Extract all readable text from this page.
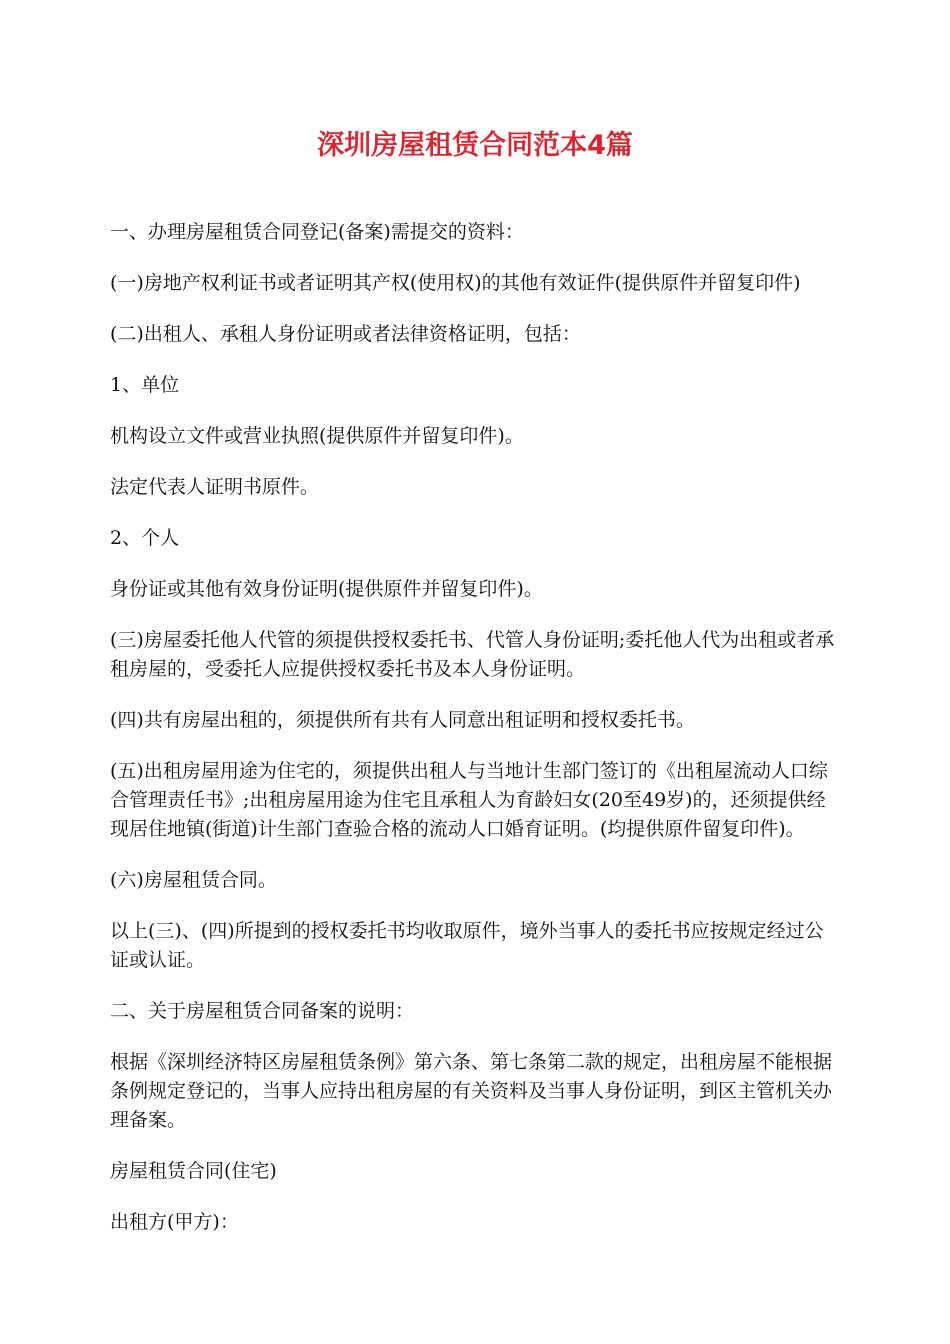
深圳房屋租赁合同范本4篇

一、办理房屋租赁合同登记(备案)需提交的资料：

(一)房地产权利证书或者证明其产权(使用权)的其他有效证件(提供原件并留复印件)

(二)出租人、承租人身份证明或者法律资格证明，包括：

1、单位

机构设立文件或营业执照(提供原件并留复印件)。

法定代表人证明书原件。

2、个人

身份证或其他有效身份证明(提供原件并留复印件)。

(三)房屋委托他人代管的须提供授权委托书、代管人身份证明;委托他人代为出租或者承租房屋的，受委托人应提供授权委托书及本人身份证明。

(四)共有房屋出租的，须提供所有共有人同意出租证明和授权委托书。

(五)出租房屋用途为住宅的，须提供出租人与当地计生部门签订的《出租屋流动人口综合管理责任书》;出租房屋用途为住宅且承租人为育龄妇女(20至49岁)的，还须提供经现居住地镇(街道)计生部门查验合格的流动人口婚育证明。(均提供原件留复印件)。

(六)房屋租赁合同。

以上(三)、(四)所提到的授权委托书均收取原件，境外当事人的委托书应按规定经过公证或认证。

二、关于房屋租赁合同备案的说明：

根据《深圳经济特区房屋租赁条例》第六条、第七条第二款的规定，出租房屋不能根据条例规定登记的，当事人应持出租房屋的有关资料及当事人身份证明，到区主管机关办理备案。

房屋租赁合同(住宅)

出租方(甲方)：
